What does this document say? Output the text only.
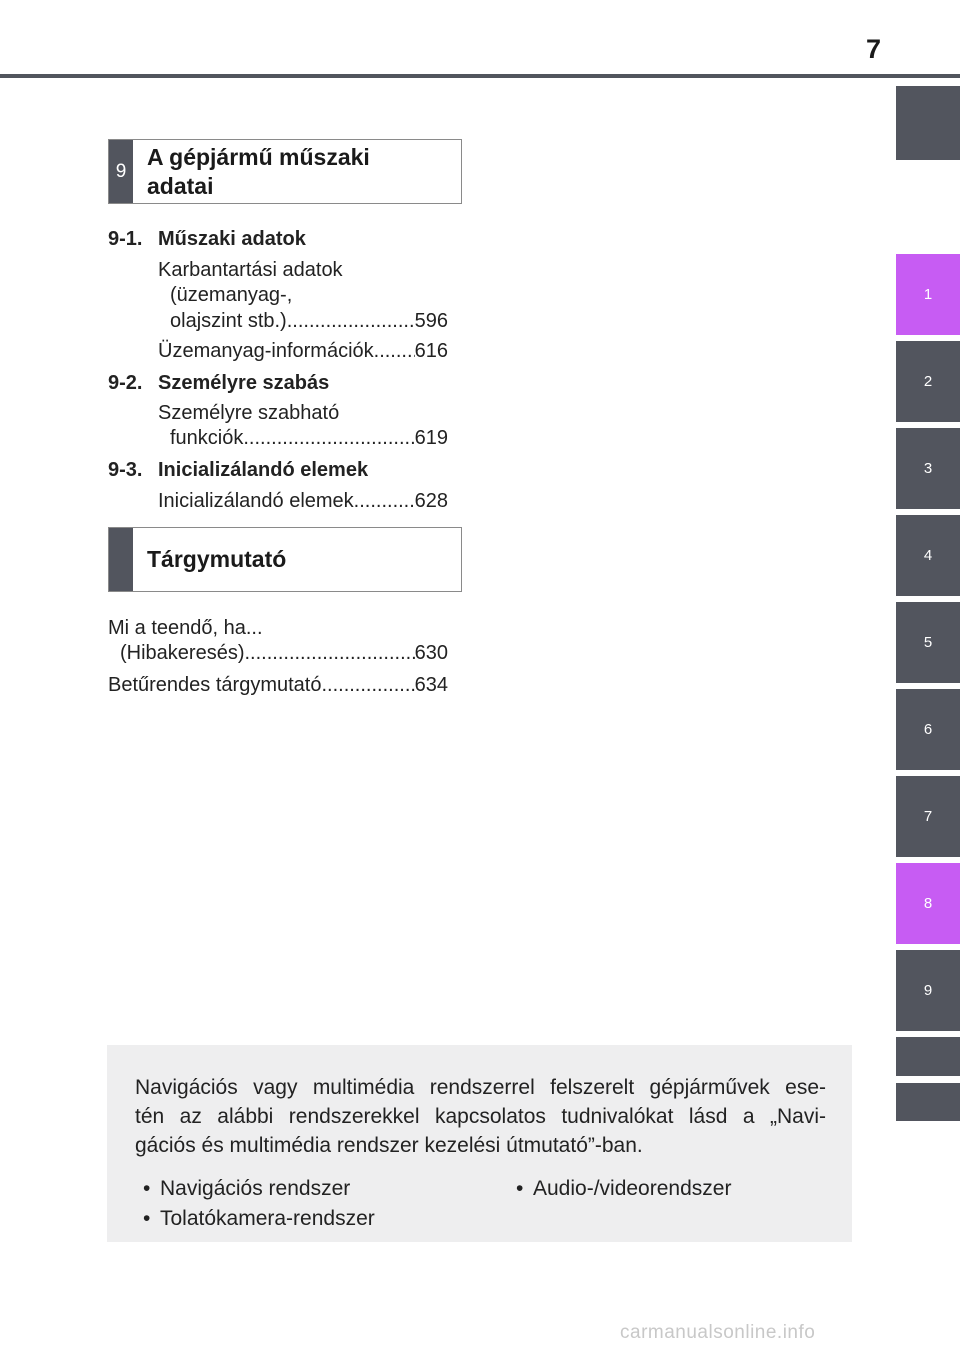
7
1
2
3
4
5
6
7
8
9
9
A gépjármű műszaki
adatai
9-1. Műszaki adatok
Karbantartási adatok
(üzemanyag-,
olajszint stb.) .....	596
Üzemanyag-információk ..... 616
9-2. Személyre szabás
Személyre szabható
funkciók .....	619
9-3. Inicializálandó elemek
Inicializálandó elemek .....	628
Tárgymutató
Mi a teendő, ha...
(Hibakeresés) .....	630
Betűrendes tárgymutató .....	634
Navigációs vagy multimédia rendszerrel felszerelt gépjárművek ese-
tén az alábbi rendszerekkel kapcsolatos tudnivalókat lásd a „Navi-
gációs és multimédia rendszer kezelési útmutató”-ban.
• Navigációs rendszer
• Tolatókamera-rendszer
• Audio-/videorendszer
carmanualsonline.info
